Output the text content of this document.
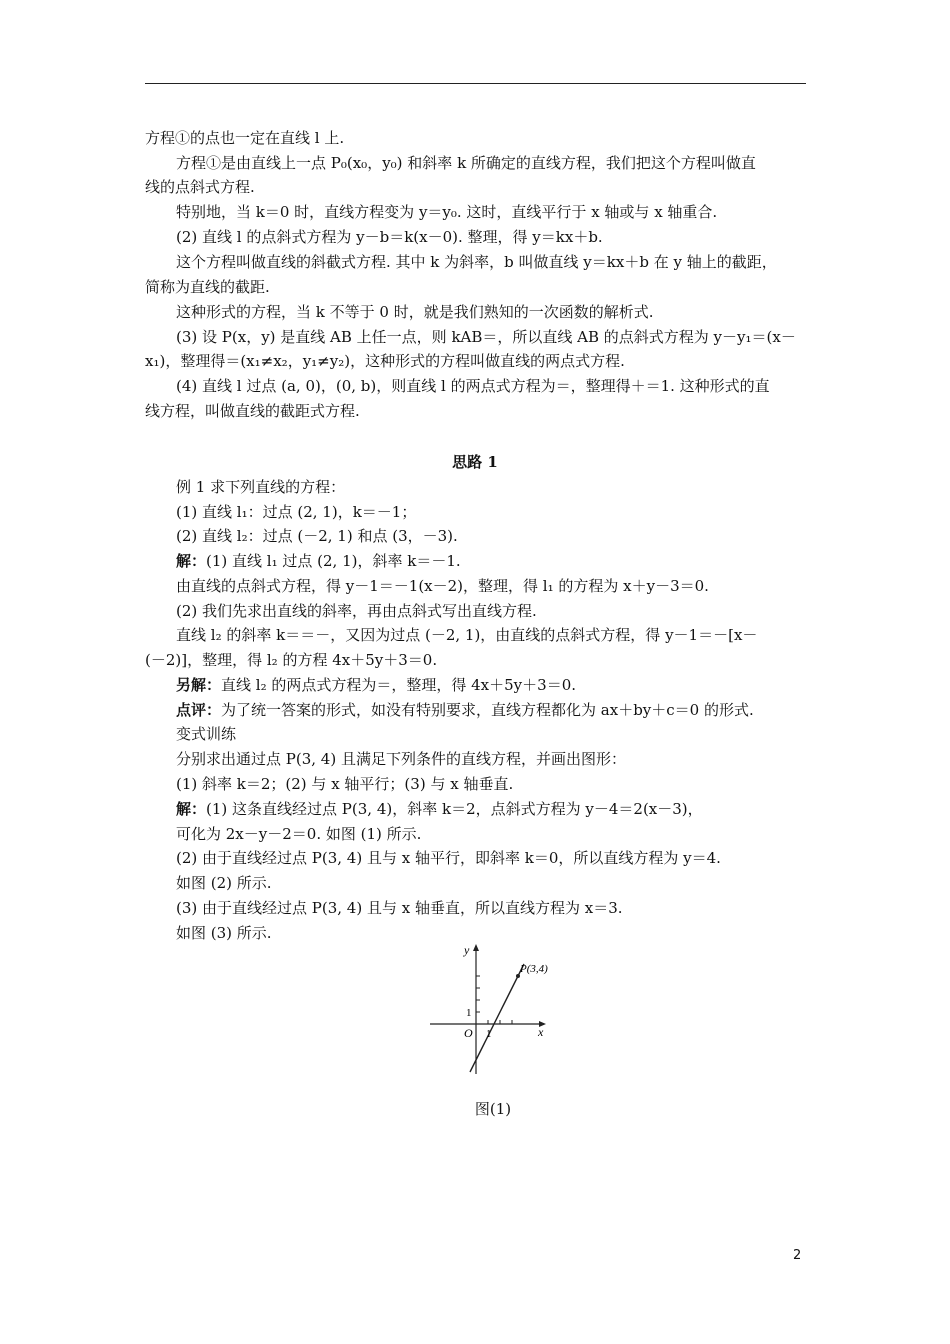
方程①的点也一定在直线 l 上.
方程①是由直线上一点 P₀(x₀，y₀) 和斜率 k 所确定的直线方程，我们把这个方程叫做直
线的点斜式方程.
特别地，当 k＝0 时，直线方程变为 y＝y₀. 这时，直线平行于 x 轴或与 x 轴重合.
(2) 直线 l 的点斜式方程为 y－b＝k(x－0). 整理，得 y＝kx＋b.
这个方程叫做直线的斜截式方程. 其中 k 为斜率，b 叫做直线 y＝kx＋b 在 y 轴上的截距，
简称为直线的截距.
这种形式的方程，当 k 不等于 0 时，就是我们熟知的一次函数的解析式.
(3) 设 P(x，y) 是直线 AB 上任一点，则 kAB＝，所以直线 AB 的点斜式方程为 y－y₁＝(x－
x₁)，整理得＝(x₁≠x₂，y₁≠y₂)，这种形式的方程叫做直线的两点式方程.
(4) 直线 l 过点 (a, 0)，(0, b)，则直线 l 的两点式方程为＝，整理得＋＝1. 这种形式的直
线方程，叫做直线的截距式方程.
思路 1
例 1 求下列直线的方程：
(1) 直线 l₁：过点 (2, 1)，k＝－1；
(2) 直线 l₂：过点 (－2, 1) 和点 (3，－3).
解：(1) 直线 l₁ 过点 (2, 1)，斜率 k＝－1.
由直线的点斜式方程，得 y－1＝－1(x－2)，整理，得 l₁ 的方程为 x＋y－3＝0.
(2) 我们先求出直线的斜率，再由点斜式写出直线方程.
直线 l₂ 的斜率 k＝＝－，又因为过点 (－2, 1)，由直线的点斜式方程，得 y－1＝－[x－
(－2)]，整理，得 l₂ 的方程 4x＋5y＋3＝0.
另解：直线 l₂ 的两点式方程为＝，整理，得 4x＋5y＋3＝0.
点评：为了统一答案的形式，如没有特别要求，直线方程都化为 ax＋by＋c＝0 的形式.
变式训练
分别求出通过点 P(3, 4) 且满足下列条件的直线方程，并画出图形：
(1) 斜率 k＝2；(2) 与 x 轴平行；(3) 与 x 轴垂直.
解：(1) 这条直线经过点 P(3, 4)，斜率 k＝2，点斜式方程为 y－4＝2(x－3)，
可化为 2x－y－2＝0. 如图 (1) 所示.
(2) 由于直线经过点 P(3, 4) 且与 x 轴平行，即斜率 k＝0，所以直线方程为 y＝4.
如图 (2) 所示.
(3) 由于直线经过点 P(3, 4) 且与 x 轴垂直，所以直线方程为 x＝3.
如图 (3) 所示.
y
x
O
1
1
P(3,4)
图(1)
2
